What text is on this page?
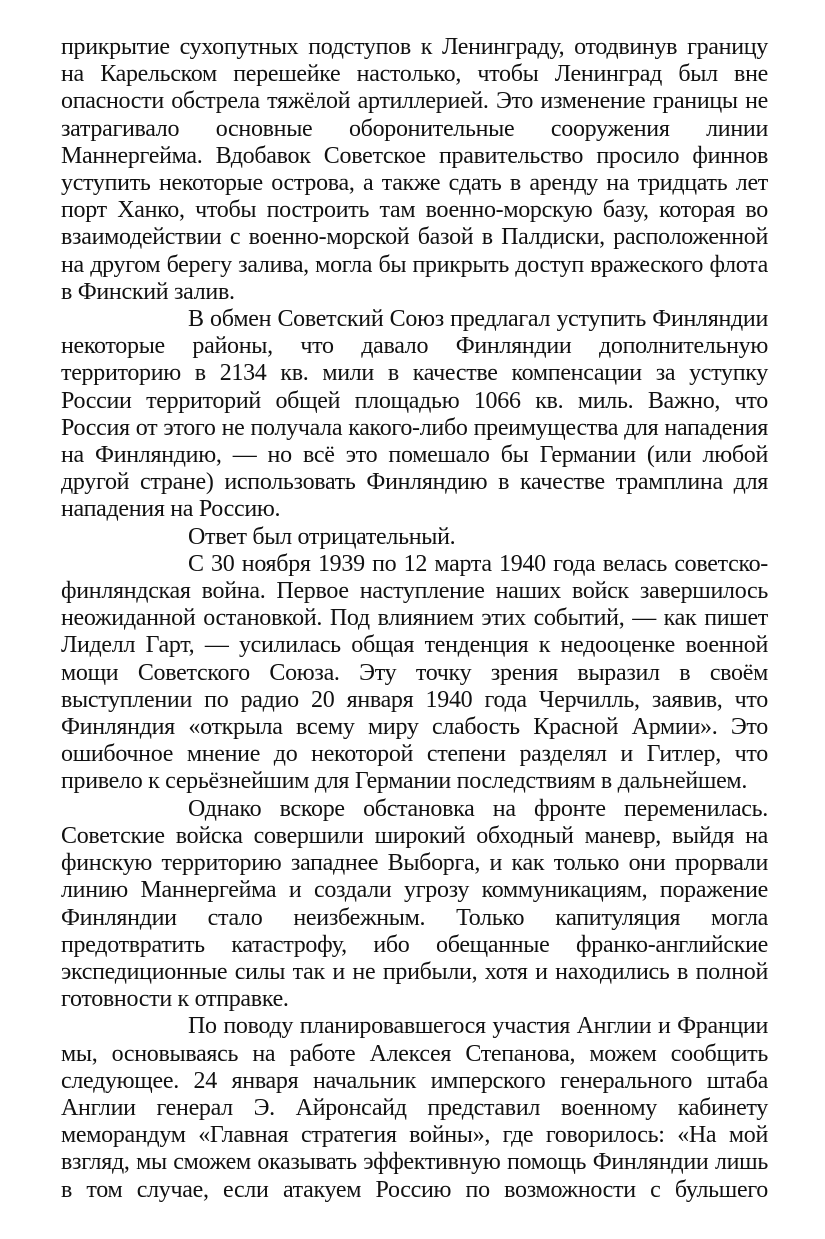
прикрытие сухопутных подступов к Ленинграду, отодвинув границу на Карельском перешейке настолько, чтобы Ленинград был вне опасности обстрела тяжёлой артиллерией. Это изменение границы не затрагивало основные оборонительные сооружения линии Маннергейма. Вдобавок Советское правительство просило финнов уступить некоторые острова, а также сдать в аренду на тридцать лет порт Ханко, чтобы построить там военно-морскую базу, которая во взаимодействии с военно-морской базой в Палдиски, расположенной на другом берегу залива, могла бы прикрыть доступ вражеского флота в Финский залив.

В обмен Советский Союз предлагал уступить Финляндии некоторые районы, что давало Финляндии дополнительную территорию в 2134 кв. мили в качестве компенсации за уступку России территорий общей площадью 1066 кв. миль. Важно, что Россия от этого не получала какого-либо преимущества для нападения на Финляндию, — но всё это помешало бы Германии (или любой другой стране) использовать Финляндию в качестве трамплина для нападения на Россию.

Ответ был отрицательный.

С 30 ноября 1939 по 12 марта 1940 года велась советско-финляндская война. Первое наступление наших войск завершилось неожиданной остановкой. Под влиянием этих событий, — как пишет Лиделл Гарт, — усилилась общая тенденция к недооценке военной мощи Советского Союза. Эту точку зрения выразил в своём выступлении по радио 20 января 1940 года Черчилль, заявив, что Финляндия «открыла всему миру слабость Красной Армии». Это ошибочное мнение до некоторой степени разделял и Гитлер, что привело к серьёзнейшим для Германии последствиям в дальнейшем.

Однако вскоре обстановка на фронте переменилась. Советские войска совершили широкий обходный маневр, выйдя на финскую территорию западнее Выборга, и как только они прорвали линию Маннергейма и создали угрозу коммуникациям, поражение Финляндии стало неизбежным. Только капитуляция могла предотвратить катастрофу, ибо обещанные франко-английские экспедиционные силы так и не прибыли, хотя и находились в полной готовности к отправке.

По поводу планировавшегося участия Англии и Франции мы, основываясь на работе Алексея Степанова, можем сообщить следующее. 24 января начальник имперского генерального штаба Англии генерал Э. Айронсайд представил военному кабинету меморандум «Главная стратегия войны», где говорилось: «На мой взгляд, мы сможем оказывать эффективную помощь Финляндии лишь в том случае, если атакуем Россию по возможности с бульшего
